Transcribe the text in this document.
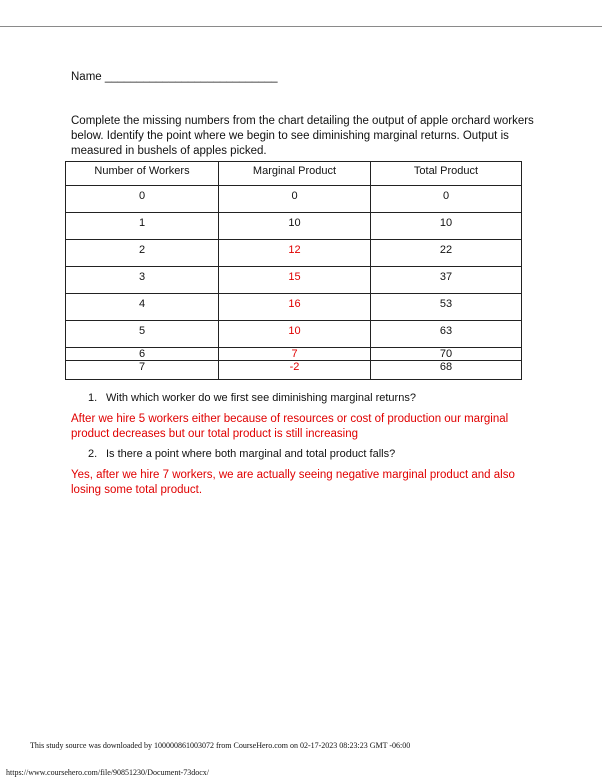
Name ___________________________
Complete the missing numbers from the chart detailing the output of apple orchard workers below. Identify the point where we begin to see diminishing marginal returns. Output is measured in bushels of apples picked.
Number of Workers	Marginal Product	Total Product
0	0	0
1	10	10
2	12	22
3	15	37
4	16	53
5	10	63
6	7	70
7	-2	68
1. With which worker do we first see diminishing marginal returns?
After we hire 5 workers either because of resources or cost of production our marginal product decreases but our total product is still increasing
2. Is there a point where both marginal and total product falls?
Yes, after we hire 7 workers, we are actually seeing negative marginal product and also losing some total product.
This study source was downloaded by 100000861003072 from CourseHero.com on 02-17-2023 08:23:23 GMT -06:00
https://www.coursehero.com/file/90851230/Document-73docx/
